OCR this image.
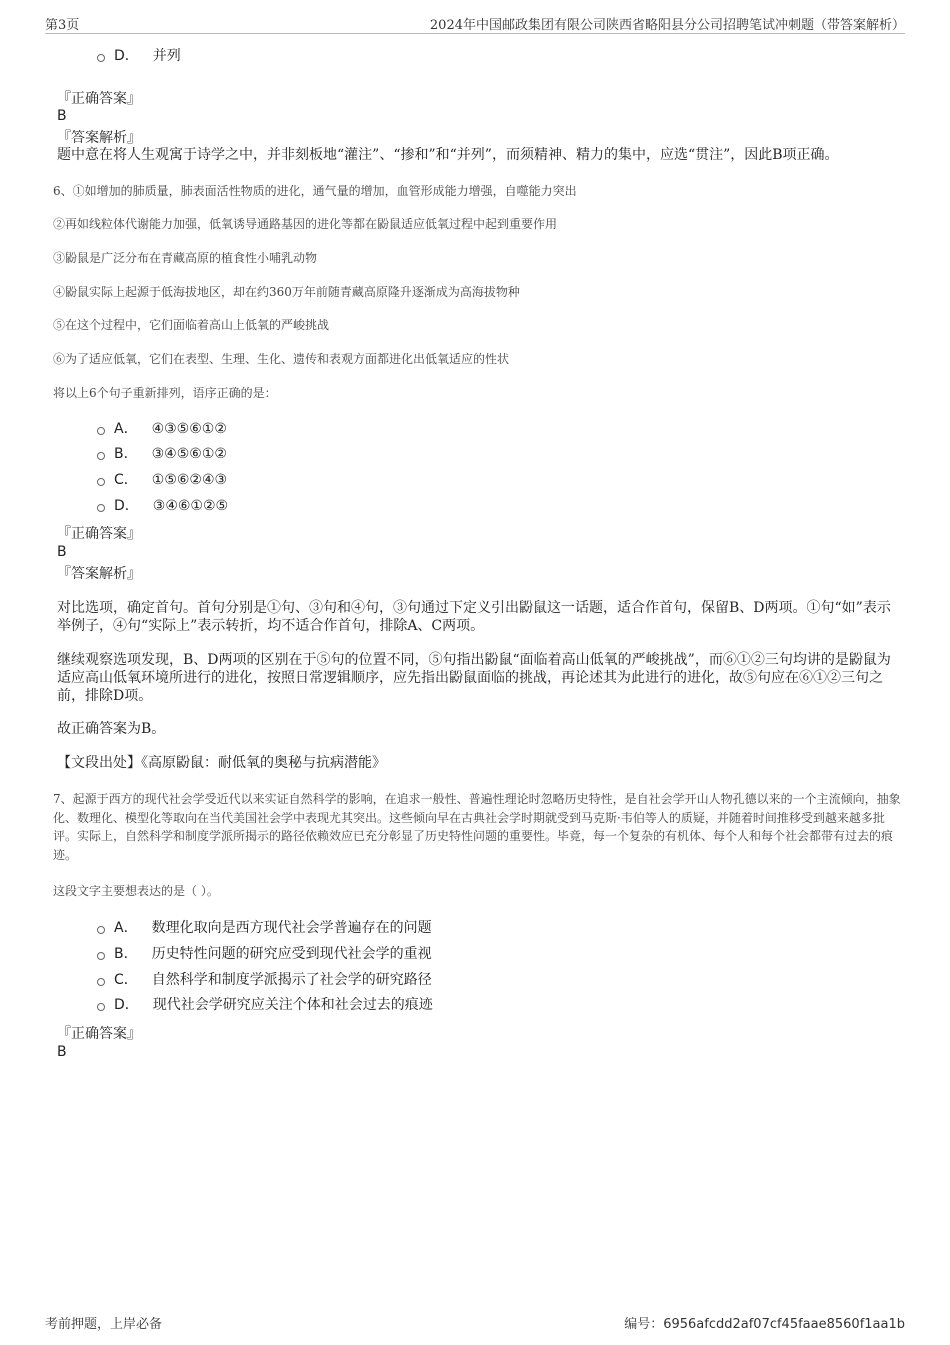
第3页	2024年中国邮政集团有限公司陕西省略阳县分公司招聘笔试冲刺题（带答案解析）
D． 并列
『正确答案』
B
『答案解析』
题中意在将人生观寓于诗学之中，并非刻板地“灌注”、“掺和”和“并列”，而须精神、精力的集中，应选“贯注”，因此B项正确。
6、①如增加的肺质量，肺表面活性物质的进化，通气量的增加，血管形成能力增强，自噬能力突出
②再如线粒体代谢能力加强，低氧诱导通路基因的进化等都在鼢鼠适应低氧过程中起到重要作用
③鼢鼠是广泛分布在青藏高原的植食性小哺乳动物
④鼢鼠实际上起源于低海拔地区，却在约360万年前随青藏高原隆升逐渐成为高海拔物种
⑤在这个过程中，它们面临着高山上低氧的严峻挑战
⑥为了适应低氧，它们在表型、生理、生化、遗传和表观方面都进化出低氧适应的性状
将以上6个句子重新排列，语序正确的是：
A． ④③⑤⑥①②
B． ③④⑤⑥①②
C． ①⑤⑥②④③
D． ③④⑥①②⑤
『正确答案』
B
『答案解析』
对比选项，确定首句。首句分别是①句、③句和④句，③句通过下定义引出鼢鼠这一话题，适合作首句，保留B、D两项。①句“如”表示举例子，④句“实际上”表示转折，均不适合作首句，排除A、C两项。
继续观察选项发现，B、D两项的区别在于⑤句的位置不同，⑤句指出鼢鼠“面临着高山低氧的严峻挑战”，而⑥①②三句均讲的是鼢鼠为适应高山低氧环境所进行的进化，按照日常逻辑顺序，应先指出鼢鼠面临的挑战，再论述其为此进行的进化，故⑤句应在⑥①②三句之前，排除D项。
故正确答案为B。
【文段出处】《高原鼢鼠：耐低氧的奥秘与抗病潜能》
7、起源于西方的现代社会学受近代以来实证自然科学的影响，在追求一般性、普遍性理论时忽略历史特性，是自社会学开山人物孔德以来的一个主流倾向，抽象化、数理化、模型化等取向在当代美国社会学中表现尤其突出。这些倾向早在古典社会学时期就受到马克斯·韦伯等人的质疑，并随着时间推移受到越来越多批评。实际上，自然科学和制度学派所揭示的路径依赖效应已充分彰显了历史特性问题的重要性。毕竟，每一个复杂的有机体、每个人和每个社会都带有过去的痕迹。
这段文字主要想表达的是（ ）。
A． 数理化取向是西方现代社会学普遍存在的问题
B． 历史特性问题的研究应受到现代社会学的重视
C． 自然科学和制度学派揭示了社会学的研究路径
D． 现代社会学研究应关注个体和社会过去的痕迹
『正确答案』
B
考前押题，上岸必备	编号：6956afcdd2af07cf45faae8560f1aa1b
